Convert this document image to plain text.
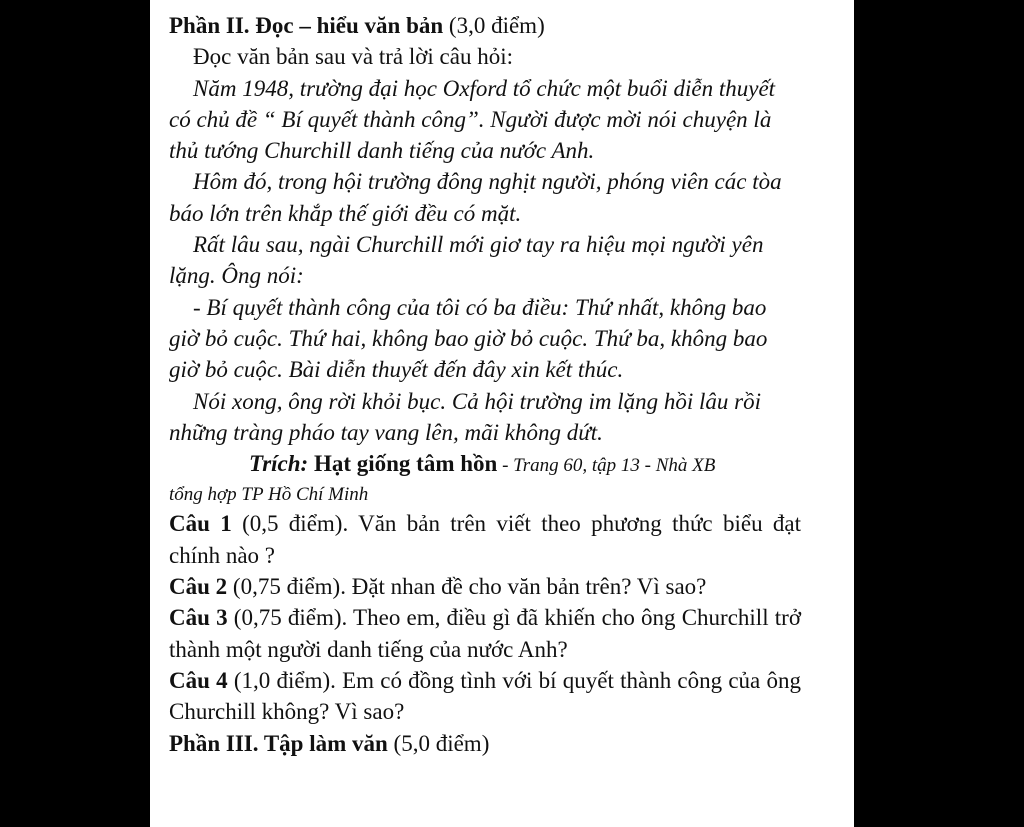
Phần II. Đọc – hiểu văn bản (3,0 điểm)

Đọc văn bản sau và trả lời câu hỏi:

Năm 1948, trường đại học Oxford tổ chức một buổi diễn thuyết có chủ đề “ Bí quyết thành công”. Người được mời nói chuyện là thủ tướng Churchill danh tiếng của nước Anh.

Hôm đó, trong hội trường đông nghịt người, phóng viên các tòa báo lớn trên khắp thế giới đều có mặt.

Rất lâu sau, ngài Churchill mới giơ tay ra hiệu mọi người yên lặng. Ông nói:

- Bí quyết thành công của tôi có ba điều: Thứ nhất, không bao giờ bỏ cuộc. Thứ hai, không bao giờ bỏ cuộc. Thứ ba, không bao giờ bỏ cuộc. Bài diễn thuyết đến đây xin kết thúc.

Nói xong, ông rời khỏi bục. Cả hội trường im lặng hồi lâu rồi những tràng pháo tay vang lên, mãi không dứt.

Trích: Hạt giống tâm hồn - Trang 60, tập 13 - Nhà XB

tổng hợp TP Hồ Chí Minh

Câu 1 (0,5 điểm). Văn bản trên viết theo phương thức biểu đạt chính nào ?

Câu 2 (0,75 điểm). Đặt nhan đề cho văn bản trên? Vì sao?

Câu 3 (0,75 điểm). Theo em, điều gì đã khiến cho ông Churchill trở thành một người danh tiếng của nước Anh?

Câu 4 (1,0 điểm). Em có đồng tình với bí quyết thành công của ông Churchill không? Vì sao?

Phần III. Tập làm văn (5,0 điểm)
